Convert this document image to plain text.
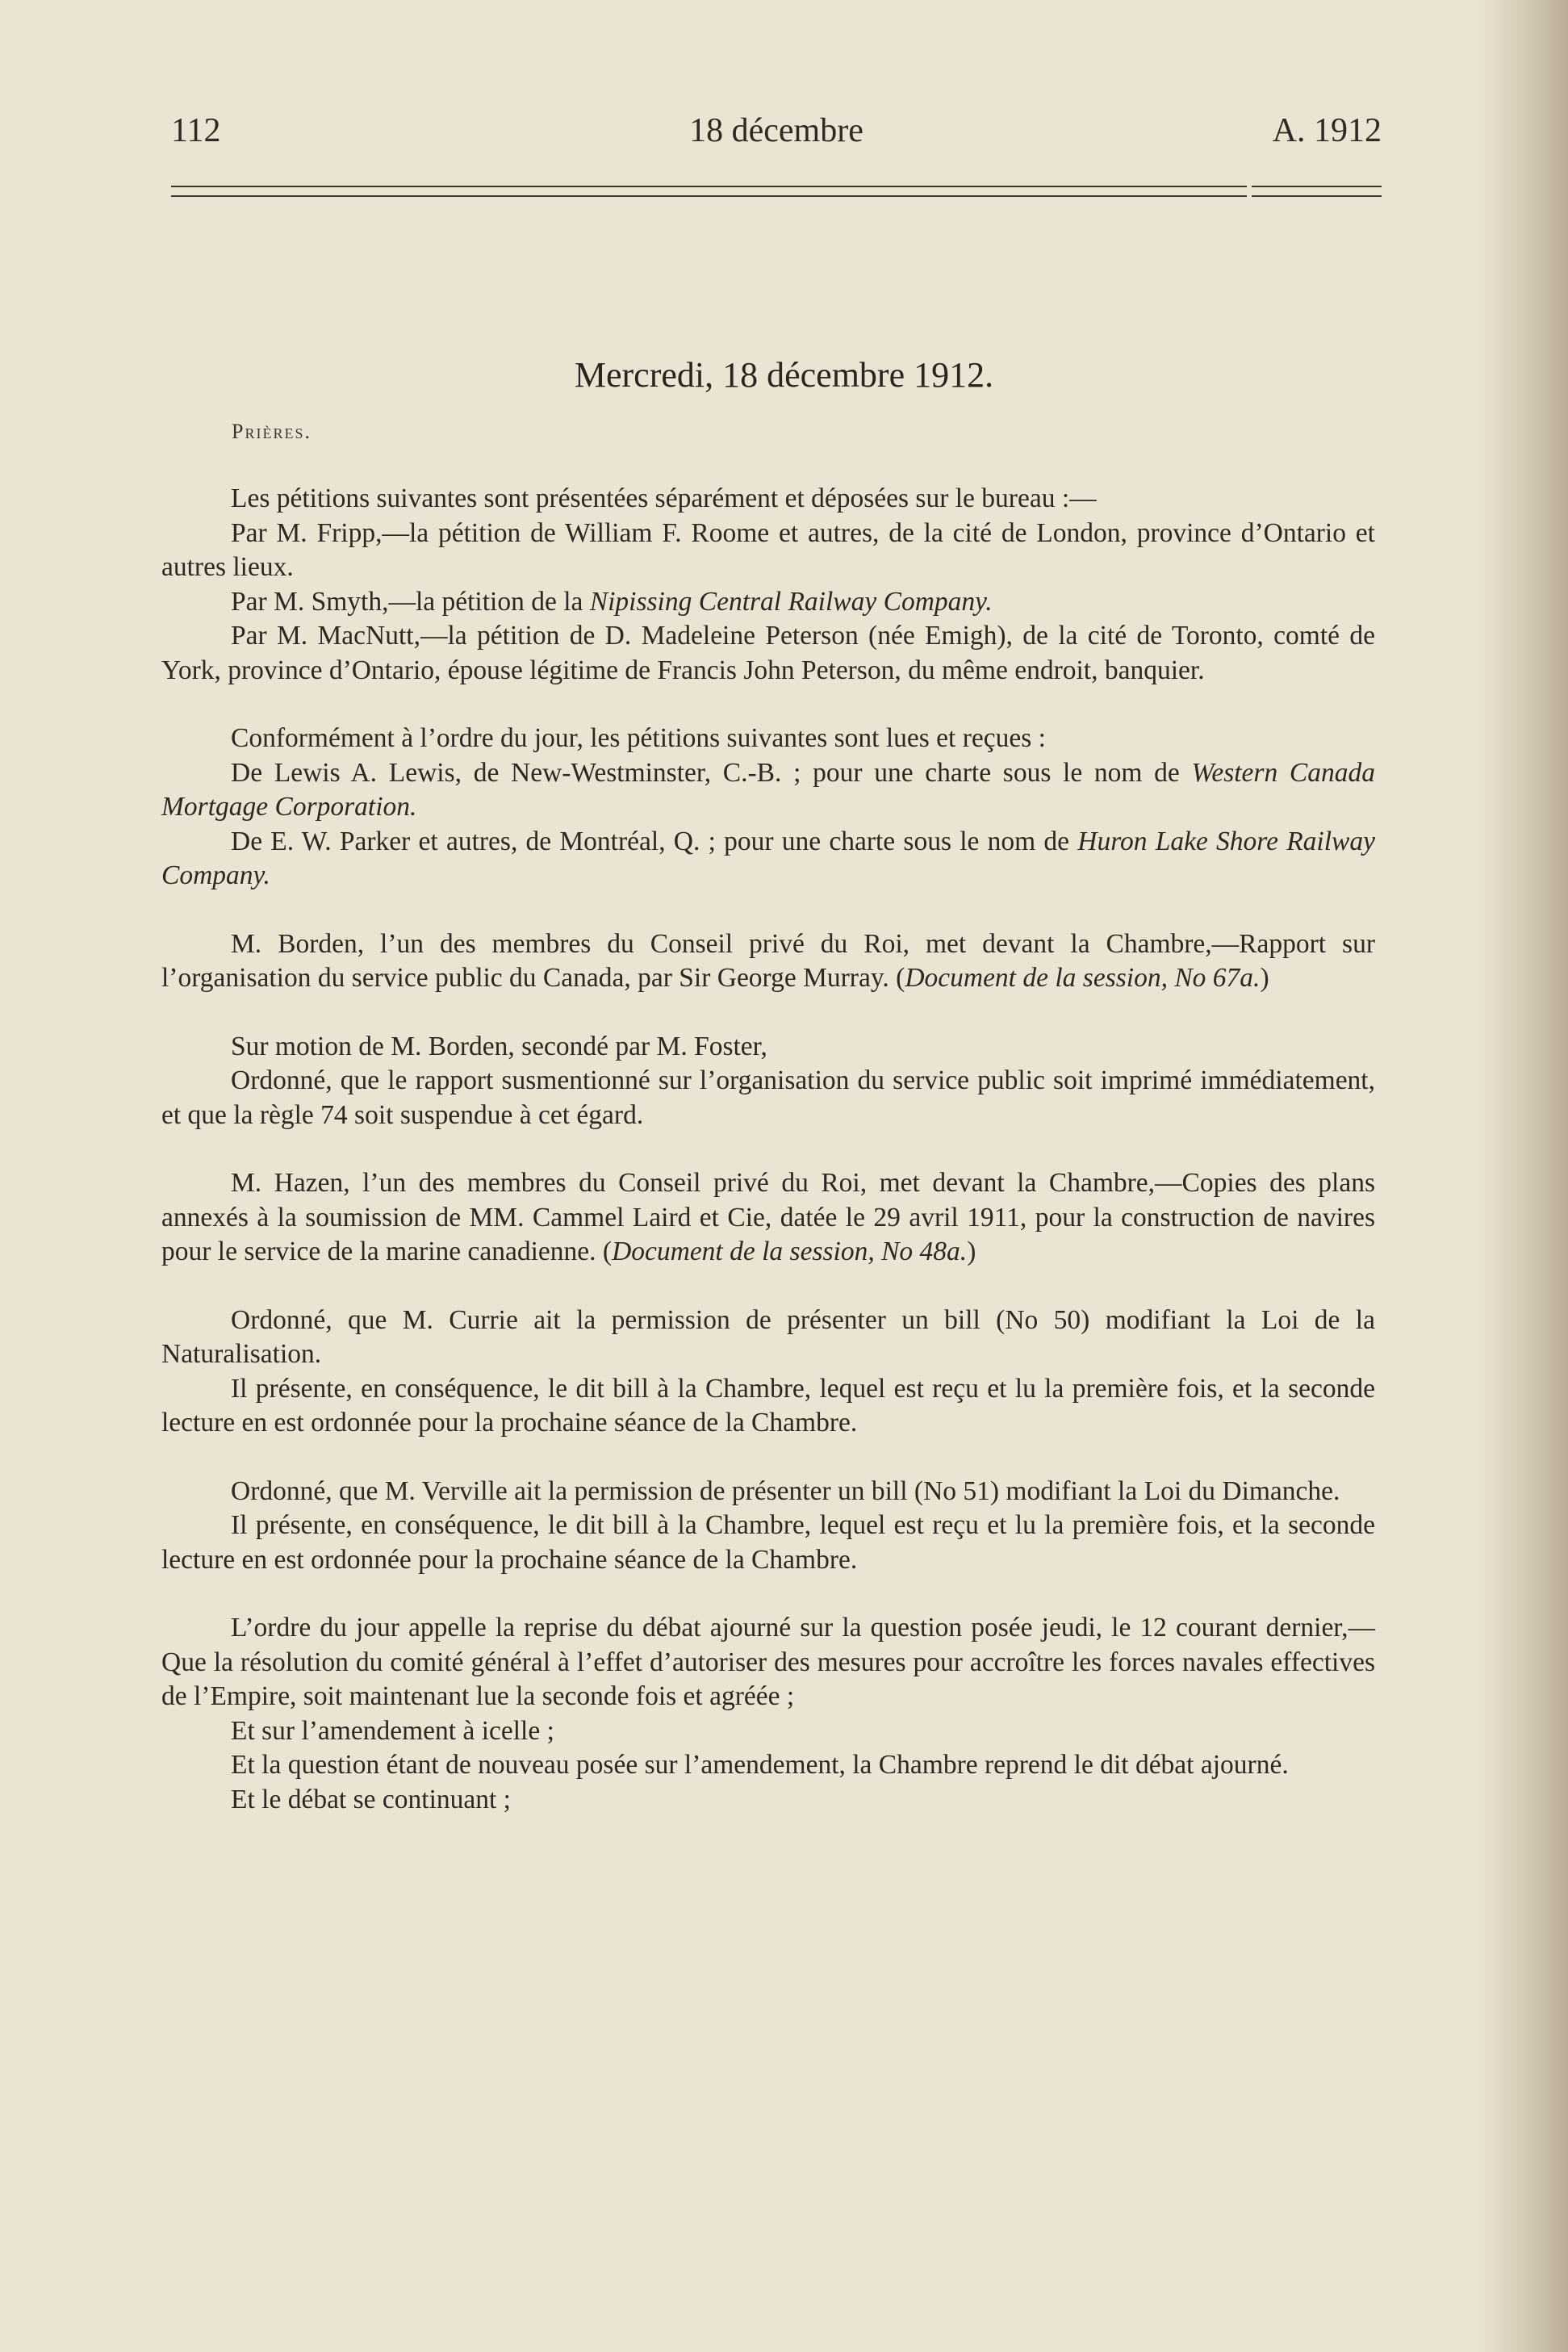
112	18 décembre	A. 1912
Mercredi, 18 décembre 1912.
Prières.

Les pétitions suivantes sont présentées séparément et déposées sur le bureau :—

Par M. Fripp,—la pétition de William F. Roome et autres, de la cité de London, province d’Ontario et autres lieux.

Par M. Smyth,—la pétition de la Nipissing Central Railway Company.

Par M. MacNutt,—la pétition de D. Madeleine Peterson (née Emigh), de la cité de Toronto, comté de York, province d’Ontario, épouse légitime de Francis John Peterson, du même endroit, banquier.

Conformément à l’ordre du jour, les pétitions suivantes sont lues et reçues :

De Lewis A. Lewis, de New-Westminster, C.-B. ; pour une charte sous le nom de Western Canada Mortgage Corporation.

De E. W. Parker et autres, de Montréal, Q. ; pour une charte sous le nom de Huron Lake Shore Railway Company.

M. Borden, l’un des membres du Conseil privé du Roi, met devant la Chambre,—Rapport sur l’organisation du service public du Canada, par Sir George Murray. (Document de la session, No 67a.)

Sur motion de M. Borden, secondé par M. Foster,

Ordonné, que le rapport susmentionné sur l’organisation du service public soit imprimé immédiatement, et que la règle 74 soit suspendue à cet égard.

M. Hazen, l’un des membres du Conseil privé du Roi, met devant la Chambre,—Copies des plans annexés à la soumission de MM. Cammel Laird et Cie, datée le 29 avril 1911, pour la construction de navires pour le service de la marine canadienne. (Document de la session, No 48a.)

Ordonné, que M. Currie ait la permission de présenter un bill (No 50) modifiant la Loi de la Naturalisation.

Il présente, en conséquence, le dit bill à la Chambre, lequel est reçu et lu la première fois, et la seconde lecture en est ordonnée pour la prochaine séance de la Chambre.

Ordonné, que M. Verville ait la permission de présenter un bill (No 51) modifiant la Loi du Dimanche.

Il présente, en conséquence, le dit bill à la Chambre, lequel est reçu et lu la première fois, et la seconde lecture en est ordonnée pour la prochaine séance de la Chambre.

L’ordre du jour appelle la reprise du débat ajourné sur la question posée jeudi, le 12 courant dernier,—Que la résolution du comité général à l’effet d’autoriser des mesures pour accroître les forces navales effectives de l’Empire, soit maintenant lue la seconde fois et agréée ;

Et sur l’amendement à icelle ;

Et la question étant de nouveau posée sur l’amendement, la Chambre reprend le dit débat ajourné.

Et le débat se continuant ;
